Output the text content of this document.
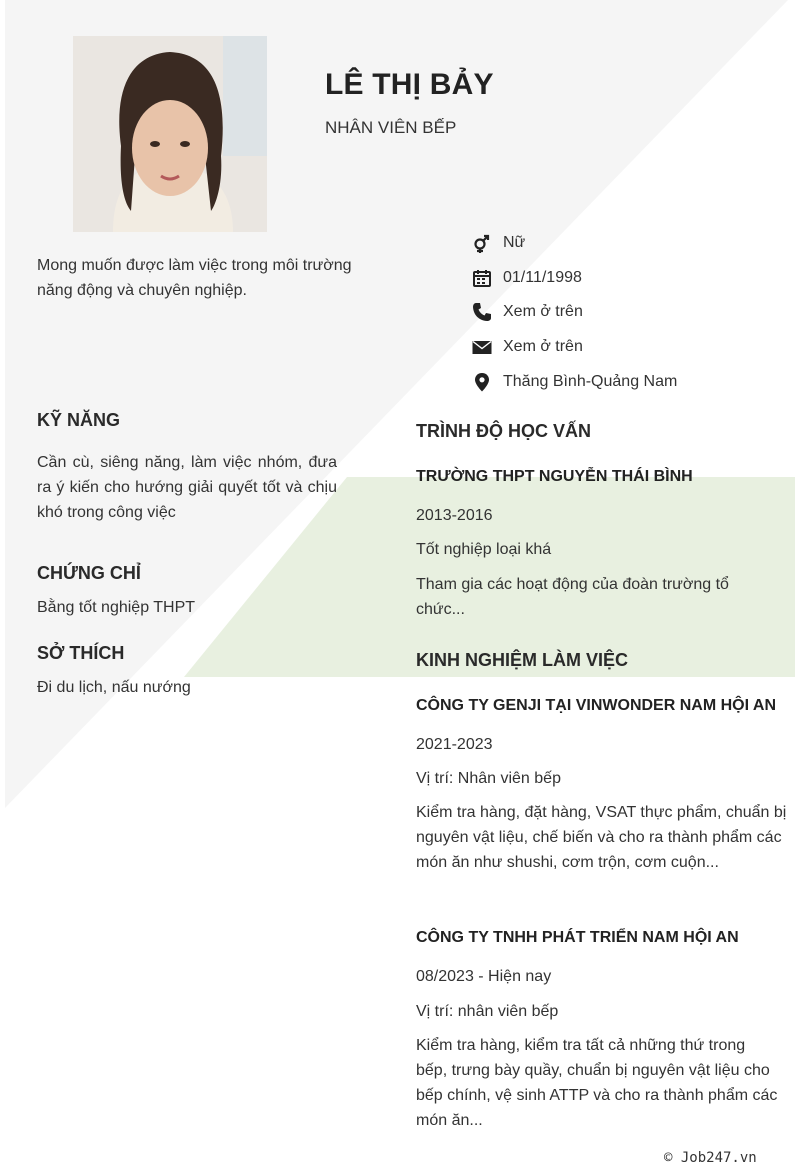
LÊ THỊ BẢY
NHÂN VIÊN BẾP
Mong muốn được làm việc trong môi trường năng động và chuyên nghiệp.
Nữ
01/11/1998
Xem ở trên
Xem ở trên
Thăng Bình-Quảng Nam
KỸ NĂNG
Cần cù, siêng năng, làm việc nhóm, đưa ra ý kiến cho hướng giải quyết tốt và chịu khó trong công việc
CHỨNG CHỈ
Bằng tốt nghiệp THPT
SỞ THÍCH
Đi du lịch, nấu nướng
TRÌNH ĐỘ HỌC VẤN
TRƯỜNG THPT NGUYỄN THÁI BÌNH
2013-2016
Tốt nghiệp loại khá
Tham gia các hoạt động của đoàn trường tổ chức...
KINH NGHIỆM LÀM VIỆC
CÔNG TY GENJI TẠI VINWONDER NAM HỘI AN
2021-2023
Vị trí: Nhân viên bếp
Kiểm tra hàng, đặt hàng, VSAT thực phẩm, chuẩn bị nguyên vật liệu, chế biến và cho ra thành phẩm các món ăn như shushi, cơm trộn, cơm cuộn...
CÔNG TY TNHH PHÁT TRIỂN NAM HỘI AN
08/2023 - Hiện nay
Vị trí: nhân viên bếp
Kiểm tra hàng, kiểm tra tất cả những thứ trong bếp, trưng bày quầy, chuẩn bị nguyên vật liệu cho bếp chính, vệ sinh ATTP và cho ra thành phẩm các món ăn...
© Job247.vn
